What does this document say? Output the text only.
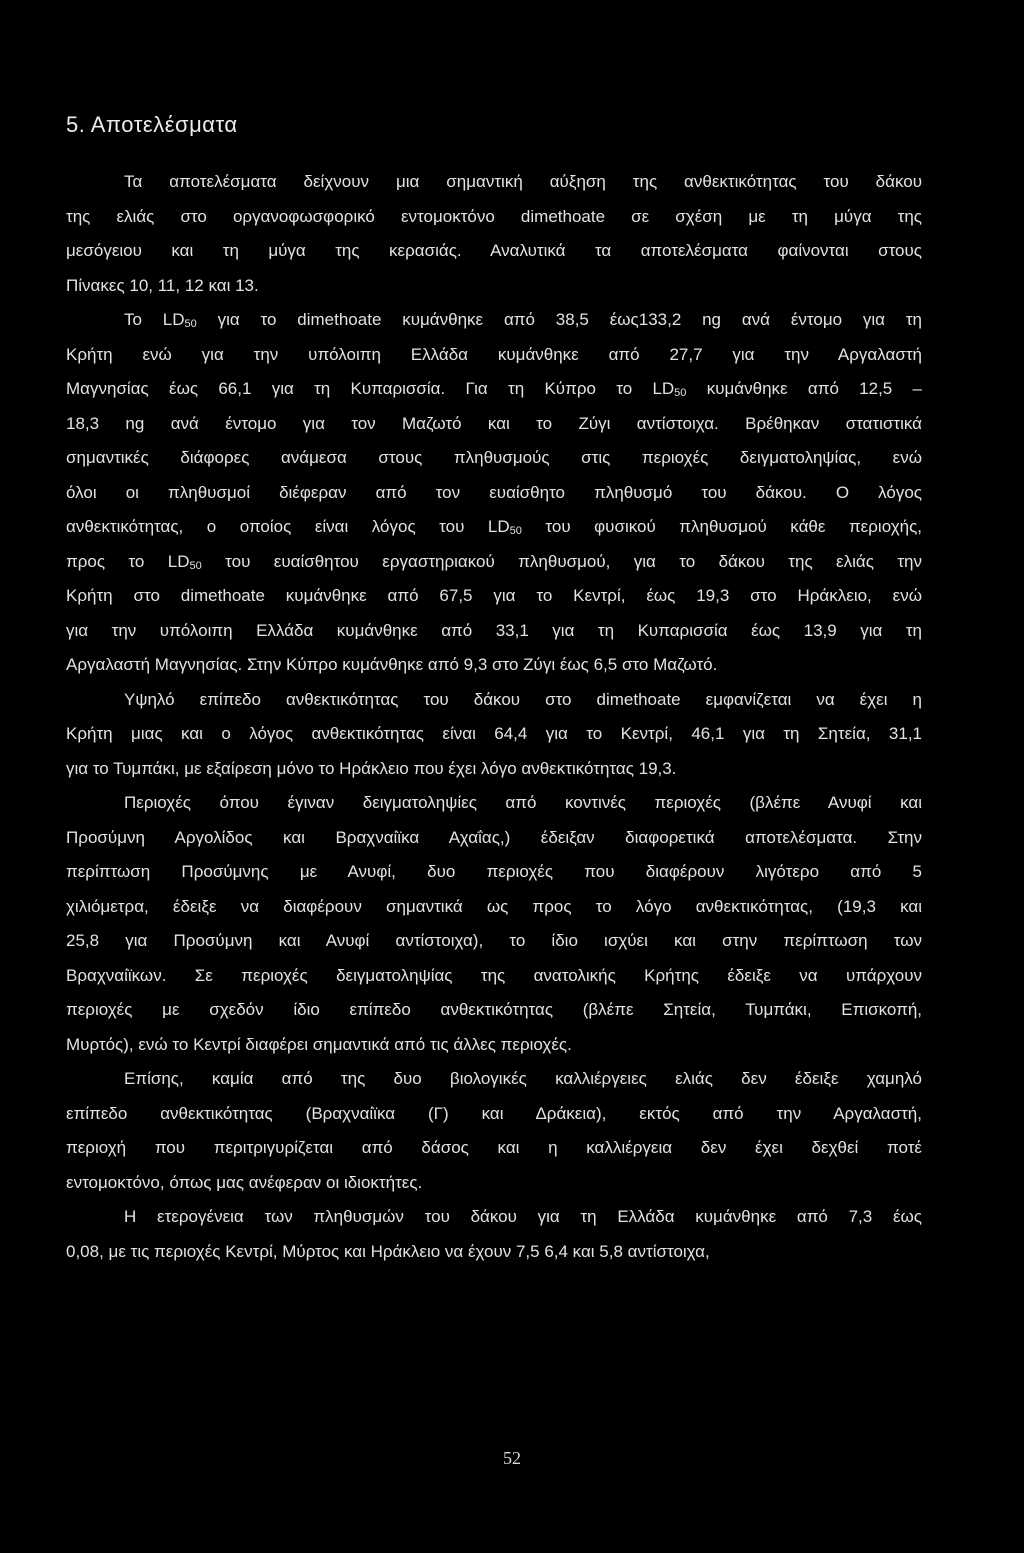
5. Αποτελέσματα
Τα αποτελέσματα δείχνουν μια σημαντική αύξηση της ανθεκτικότητας του δάκου
της ελιάς στο οργανοφωσφορικό εντομοκτόνο dimethoate σε σχέση με τη μύγα της
μεσόγειου και τη μύγα της κερασιάς. Αναλυτικά τα αποτελέσματα φαίνονται στους
Πίνακες 10, 11, 12 και 13.
Το $LD_{50}$ για το dimethoate κυμάνθηκε από 38,5 έως133,2 ng ανά έντομο για τη
Κρήτη ενώ για την υπόλοιπη Ελλάδα κυμάνθηκε από 27,7 για την Αργαλαστή
Μαγνησίας έως 66,1 για τη Κυπαρισσία. Για τη Κύπρο το $LD_{50}$ κυμάνθηκε από 12,5 –
18,3 ng ανά έντομο για τον Μαζωτό και το Ζύγι αντίστοιχα. Βρέθηκαν στατιστικά
σημαντικές διάφορες ανάμεσα στους πληθυσμούς στις περιοχές δειγματοληψίας, ενώ
όλοι οι πληθυσμοί διέφεραν από τον ευαίσθητο πληθυσμό του δάκου. Ο λόγος
ανθεκτικότητας, ο οποίος είναι λόγος του $LD_{50}$ του φυσικού πληθυσμού κάθε περιοχής,
προς το $LD_{50}$ του ευαίσθητου εργαστηριακού πληθυσμού, για το δάκου της ελιάς την
Κρήτη στο dimethoate κυμάνθηκε από 67,5 για το Κεντρί, έως 19,3 στο Ηράκλειο, ενώ
για την υπόλοιπη Ελλάδα κυμάνθηκε από 33,1 για τη Κυπαρισσία έως 13,9 για τη
Αργαλαστή Μαγνησίας. Στην Κύπρο κυμάνθηκε από 9,3 στο Ζύγι έως 6,5 στο Μαζωτό.
Υψηλό επίπεδο ανθεκτικότητας του δάκου στο dimethoate εμφανίζεται να έχει η
Κρήτη μιας και ο λόγος ανθεκτικότητας είναι 64,4 για το Κεντρί, 46,1 για τη Σητεία, 31,1
για το Τυμπάκι, με εξαίρεση μόνο το Ηράκλειο που έχει λόγο ανθεκτικότητας 19,3.
Περιοχές όπου έγιναν δειγματοληψίες από κοντινές περιοχές (βλέπε Ανυφί και
Προσύμνη Αργολίδος και Βραχναίϊκα Αχαΐας,) έδειξαν διαφορετικά αποτελέσματα. Στην
περίπτωση Προσύμνης με Ανυφί, δυο περιοχές που διαφέρουν λιγότερο από 5
χιλιόμετρα, έδειξε να διαφέρουν σημαντικά ως προς το λόγο ανθεκτικότητας, (19,3 και
25,8 για Προσύμνη και Ανυφί αντίστοιχα), το ίδιο ισχύει και στην περίπτωση των
Βραχναίϊκων. Σε περιοχές δειγματοληψίας της ανατολικής Κρήτης έδειξε να υπάρχουν
περιοχές με σχεδόν ίδιο επίπεδο ανθεκτικότητας (βλέπε Σητεία, Τυμπάκι, Επισκοπή,
Μυρτός), ενώ το Κεντρί διαφέρει σημαντικά από τις άλλες περιοχές.
Επίσης, καμία από της δυο βιολογικές καλλιέργειες ελιάς δεν έδειξε χαμηλό
επίπεδο ανθεκτικότητας (Βραχναίϊκα (Γ) και Δράκεια), εκτός από την Αργαλαστή,
περιοχή που περιτριγυρίζεται από δάσος και η καλλιέργεια δεν έχει δεχθεί ποτέ
εντομοκτόνο, όπως μας ανέφεραν οι ιδιοκτήτες.
Η ετερογένεια των πληθυσμών του δάκου για τη Ελλάδα κυμάνθηκε από 7,3 έως
0,08, με τις περιοχές Κεντρί, Μύρτος και Ηράκλειο να έχουν 7,5 6,4 και 5,8 αντίστοιχα,
52
